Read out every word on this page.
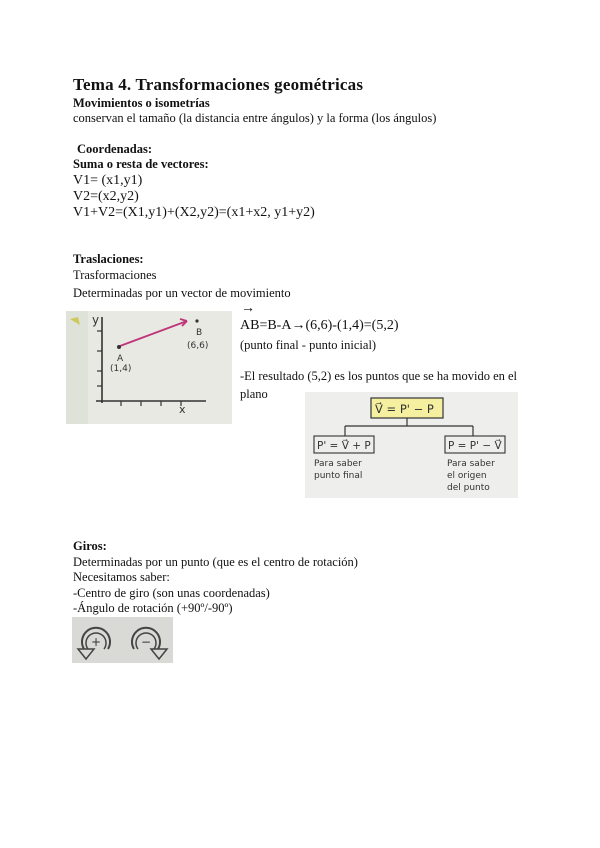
Tema 4. Transformaciones geométricas
Movimientos o isometrías
conservan el tamaño (la distancia entre ángulos) y la forma (los ángulos)
Coordenadas:
Suma o resta de vectores:
V1= (x1,y1)
V2=(x2,y2)
V1+V2=(X1,y1)+(X2,y2)=(x1+x2, y1+y2)
Traslaciones:
Trasformaciones
Determinadas por un vector de movimiento
→
AB=B-A→(6,6)-(1,4)=(5,2)
(punto final - punto inicial)
-El resultado (5,2) es los puntos que se ha movido en el
plano
y
x
A
(1,4)
B
(6,6)
V⃗ = P' − P
P' = V⃗ + P	P = P' − V⃗
Para saber
punto final
Para saber
el origen
del punto
Giros:
Determinadas por un punto (que es el centro de rotación)
Necesitamos saber:
-Centro de giro (son unas coordenadas)
-Ángulo de rotación (+90º/-90º)
+	−
